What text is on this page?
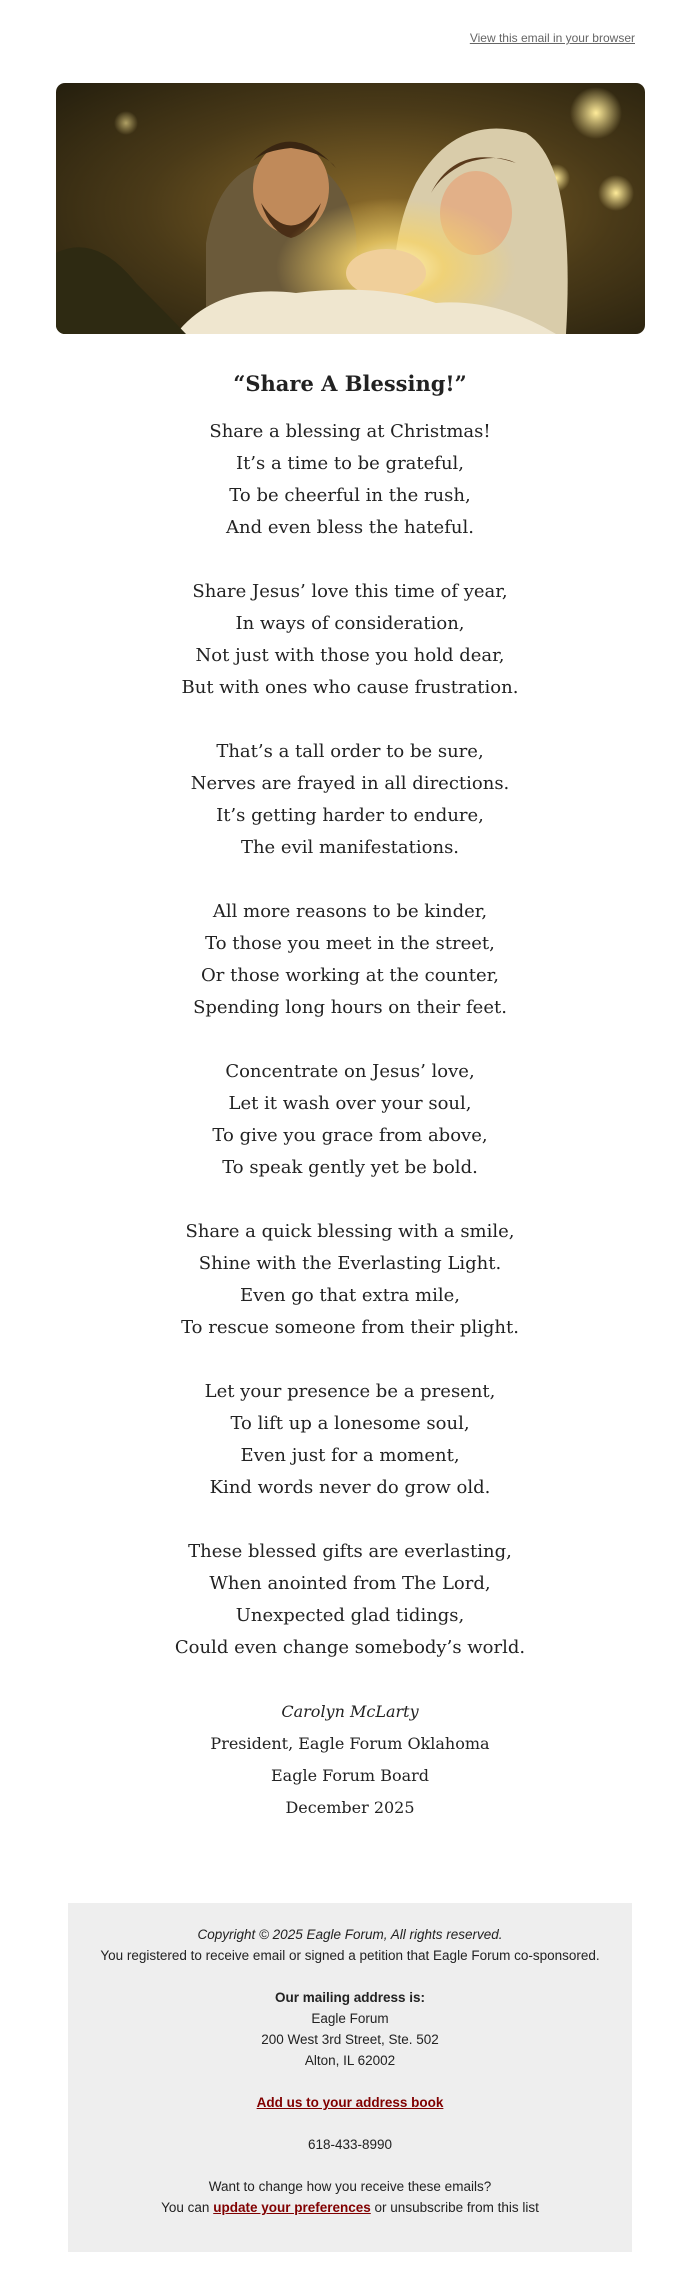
View this email in your browser
“Share A Blessing!”
Share a blessing at Christmas!
It’s a time to be grateful,
To be cheerful in the rush,
And even bless the hateful.
Share Jesus’ love this time of year,
In ways of consideration,
Not just with those you hold dear,
But with ones who cause frustration.
That’s a tall order to be sure,
Nerves are frayed in all directions.
It’s getting harder to endure,
The evil manifestations.
All more reasons to be kinder,
To those you meet in the street,
Or those working at the counter,
Spending long hours on their feet.
Concentrate on Jesus’ love,
Let it wash over your soul,
To give you grace from above,
To speak gently yet be bold.
Share a quick blessing with a smile,
Shine with the Everlasting Light.
Even go that extra mile,
To rescue someone from their plight.
Let your presence be a present,
To lift up a lonesome soul,
Even just for a moment,
Kind words never do grow old.
These blessed gifts are everlasting,
When anointed from The Lord,
Unexpected glad tidings,
Could even change somebody’s world.
Carolyn McLarty
President, Eagle Forum Oklahoma
Eagle Forum Board
December 2025
Copyright © 2025 Eagle Forum, All rights reserved.
You registered to receive email or signed a petition that Eagle Forum co-sponsored.

Our mailing address is:
Eagle Forum
200 West 3rd Street, Ste. 502
Alton, IL 62002

Add us to your address book

618-433-8990

Want to change how you receive these emails?
You can update your preferences or unsubscribe from this list
